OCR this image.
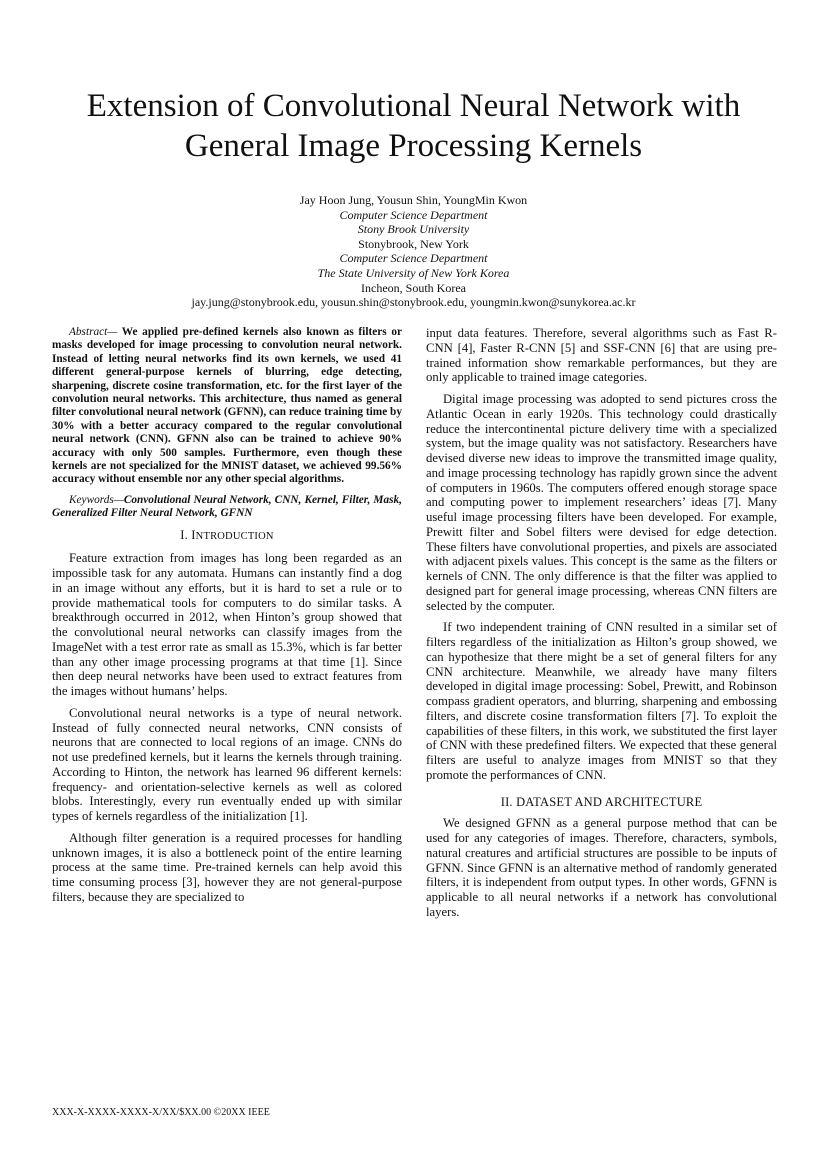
Extension of Convolutional Neural Network with
General Image Processing Kernels
Jay Hoon Jung, Yousun Shin, YoungMin Kwon
Computer Science Department
Stony Brook University
Stonybrook, New York
Computer Science Department
The State University of New York Korea
Incheon, South Korea
jay.jung@stonybrook.edu, yousun.shin@stonybrook.edu, youngmin.kwon@sunykorea.ac.kr

Abstract— We applied pre-defined kernels also known as filters or masks developed for image processing to convolution neural network. Instead of letting neural networks find its own kernels, we used 41 different general-purpose kernels of blurring, edge detecting, sharpening, discrete cosine transformation, etc. for the first layer of the convolution neural networks. This architecture, thus named as general filter convolutional neural network (GFNN), can reduce training time by 30% with a better accuracy compared to the regular convolutional neural network (CNN). GFNN also can be trained to achieve 90% accuracy with only 500 samples. Furthermore, even though these kernels are not specialized for the MNIST dataset, we achieved 99.56% accuracy without ensemble nor any other special algorithms.

Keywords—Convolutional Neural Network, CNN, Kernel, Filter, Mask, Generalized Filter Neural Network, GFNN

I. INTRODUCTION

Feature extraction from images has long been regarded as an impossible task for any automata. Humans can instantly find a dog in an image without any efforts, but it is hard to set a rule or to provide mathematical tools for computers to do similar tasks. A breakthrough occurred in 2012, when Hinton’s group showed that the convolutional neural networks can classify images from the ImageNet with a test error rate as small as 15.3%, which is far better than any other image processing programs at that time [1]. Since then deep neural networks have been used to extract features from the images without humans’ helps.

Convolutional neural networks is a type of neural network. Instead of fully connected neural networks, CNN consists of neurons that are connected to local regions of an image. CNNs do not use predefined kernels, but it learns the kernels through training. According to Hinton, the network has learned 96 different kernels: frequency- and orientation-selective kernels as well as colored blobs. Interestingly, every run eventually ended up with similar types of kernels regardless of the initialization [1].

Although filter generation is a required processes for handling unknown images, it is also a bottleneck point of the entire learning process at the same time. Pre-trained kernels can help avoid this time consuming process [3], however they are not general-purpose filters, because they are specialized to

input data features. Therefore, several algorithms such as Fast R-CNN [4], Faster R-CNN [5] and SSF-CNN [6] that are using pre-trained information show remarkable performances, but they are only applicable to trained image categories.

Digital image processing was adopted to send pictures cross the Atlantic Ocean in early 1920s. This technology could drastically reduce the intercontinental picture delivery time with a specialized system, but the image quality was not satisfactory. Researchers have devised diverse new ideas to improve the transmitted image quality, and image processing technology has rapidly grown since the advent of computers in 1960s. The computers offered enough storage space and computing power to implement researchers’ ideas [7]. Many useful image processing filters have been developed. For example, Prewitt filter and Sobel filters were devised for edge detection. These filters have convolutional properties, and pixels are associated with adjacent pixels values. This concept is the same as the filters or kernels of CNN. The only difference is that the filter was applied to designed part for general image processing, whereas CNN filters are selected by the computer.

If two independent training of CNN resulted in a similar set of filters regardless of the initialization as Hilton’s group showed, we can hypothesize that there might be a set of general filters for any CNN architecture. Meanwhile, we already have many filters developed in digital image processing: Sobel, Prewitt, and Robinson compass gradient operators, and blurring, sharpening and embossing filters, and discrete cosine transformation filters [7]. To exploit the capabilities of these filters, in this work, we substituted the first layer of CNN with these predefined filters. We expected that these general filters are useful to analyze images from MNIST so that they promote the performances of CNN.

II. DATASET AND ARCHITECTURE

We designed GFNN as a general purpose method that can be used for any categories of images. Therefore, characters, symbols, natural creatures and artificial structures are possible to be inputs of GFNN. Since GFNN is an alternative method of randomly generated filters, it is independent from output types. In other words, GFNN is applicable to all neural networks if a network has convolutional layers.

XXX-X-XXXX-XXXX-X/XX/$XX.00 ©20XX IEEE
